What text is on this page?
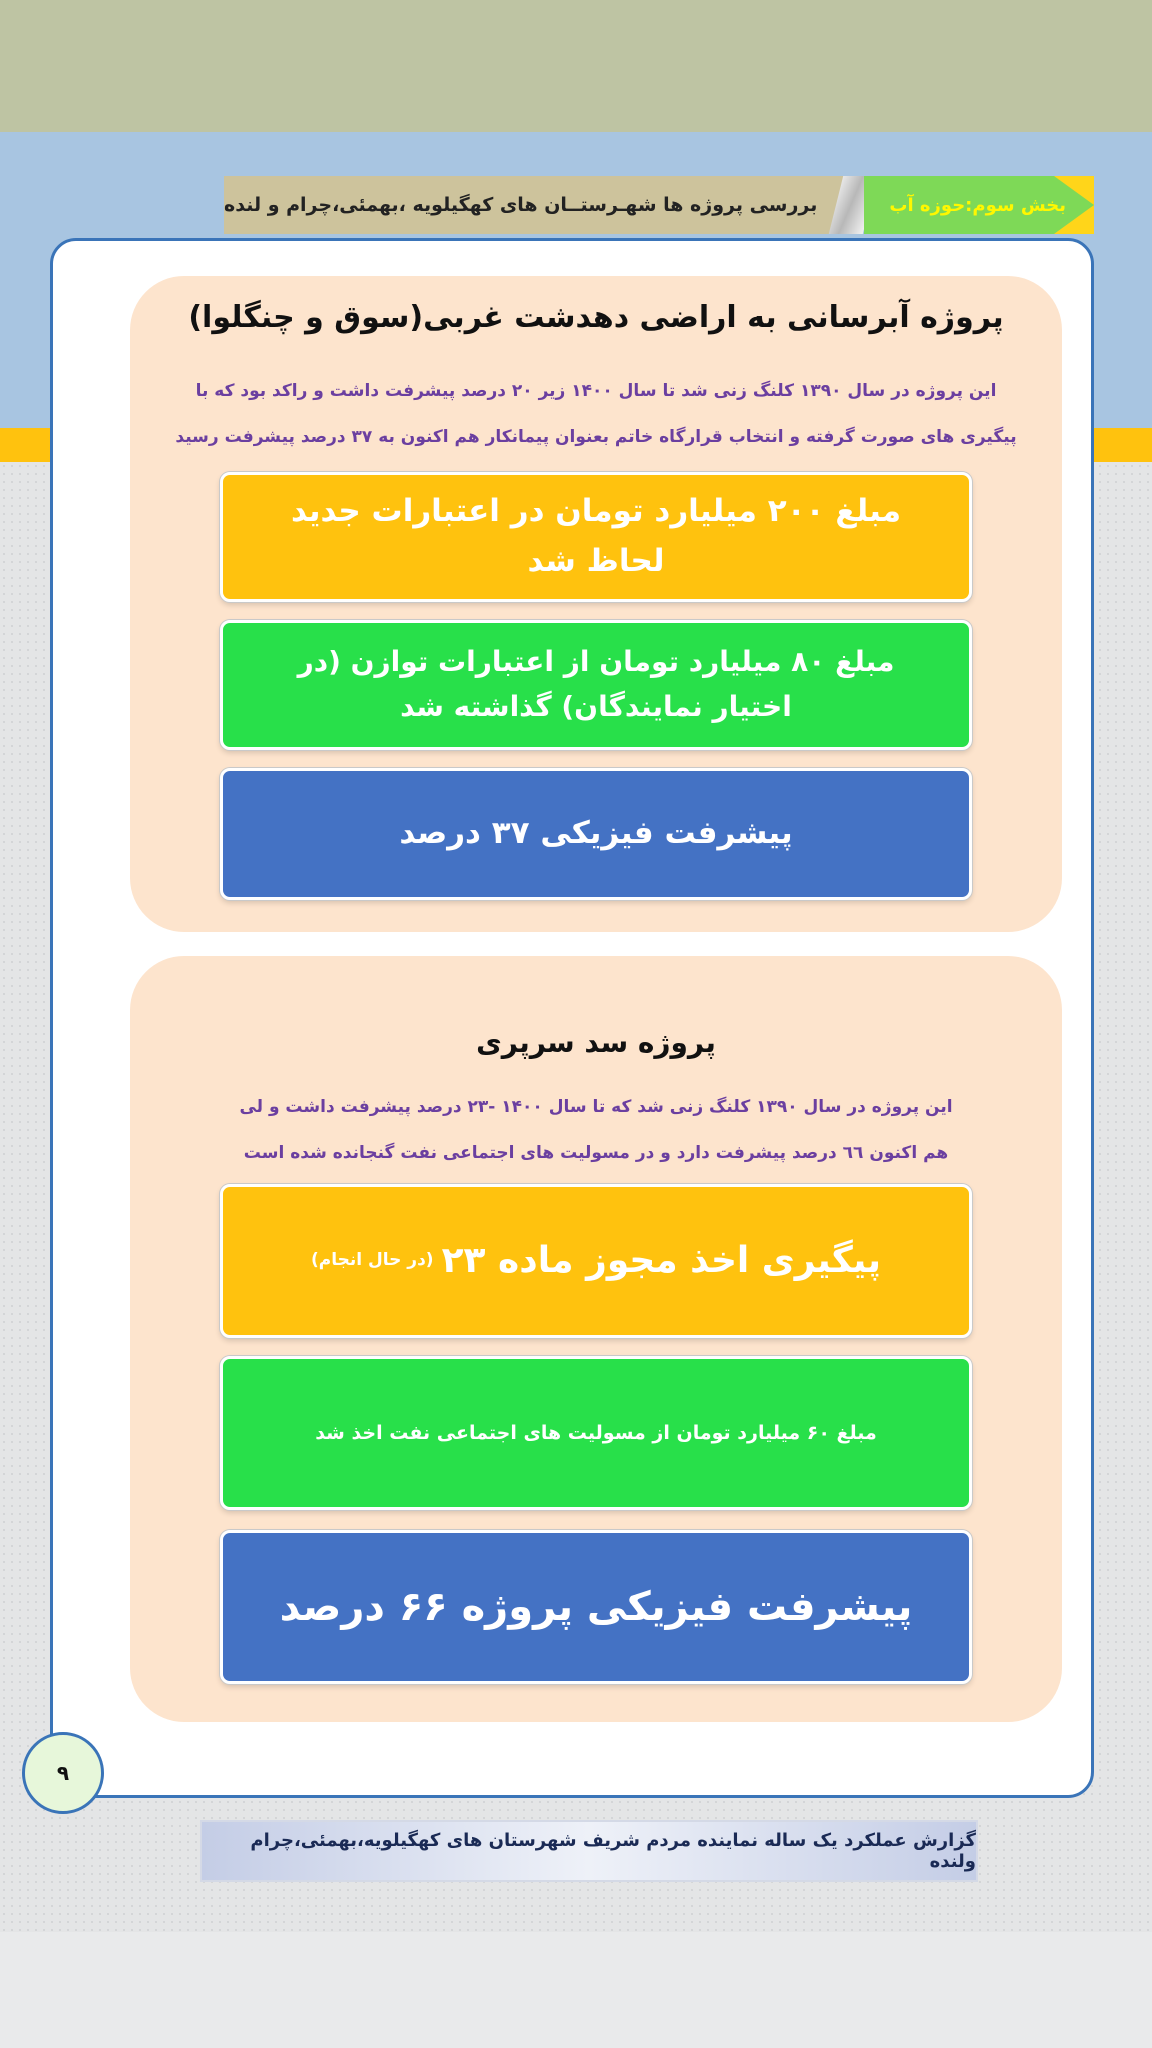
بررسی پروژه ها شهـرستــان های کهگیلویه ،بهمئی،چرام و لنده	بخش سوم:حوزه آب
پروژه آبرسانی به اراضی دهدشت غربی(سوق و چنگلوا)
این پروژه در سال ۱۳۹۰ کلنگ زنی شد تا سال ۱۴۰۰ زیر ۲۰ درصد پیشرفت داشت و راکد بود که با
پیگیری های صورت گرفته و انتخاب قرارگاه خاتم بعنوان پیمانکار هم اکنون به ۳۷ درصد پیشرفت رسید
مبلغ ۲۰۰ میلیارد تومان در اعتبارات جدید لحاظ شد
مبلغ ۸۰ میلیارد تومان از اعتبارات توازن (در اختیار نمایندگان) گذاشته شد
پیشرفت فیزیکی ۳۷ درصد
پروژه سد سرپری
این پروژه در سال ۱۳۹۰ کلنگ زنی شد که تا سال ۱۴۰۰ -۲۳ درصد پیشرفت داشت و لی
هم اکنون ٦٦ درصد پیشرفت دارد و در مسولیت های اجتماعی نفت گنجانده شده است
پیگیری اخذ مجوز ماده ۲۳
(در حال انجام)
مبلغ ۶۰ میلیارد تومان از مسولیت های اجتماعی نفت اخذ شد
پیشرفت فیزیکی پروژه ۶۶ درصد
۹
گزارش عملکرد یک ساله نماینده مردم شریف شهرستان های کهگیلویه،بهمئی،چرام ولنده
